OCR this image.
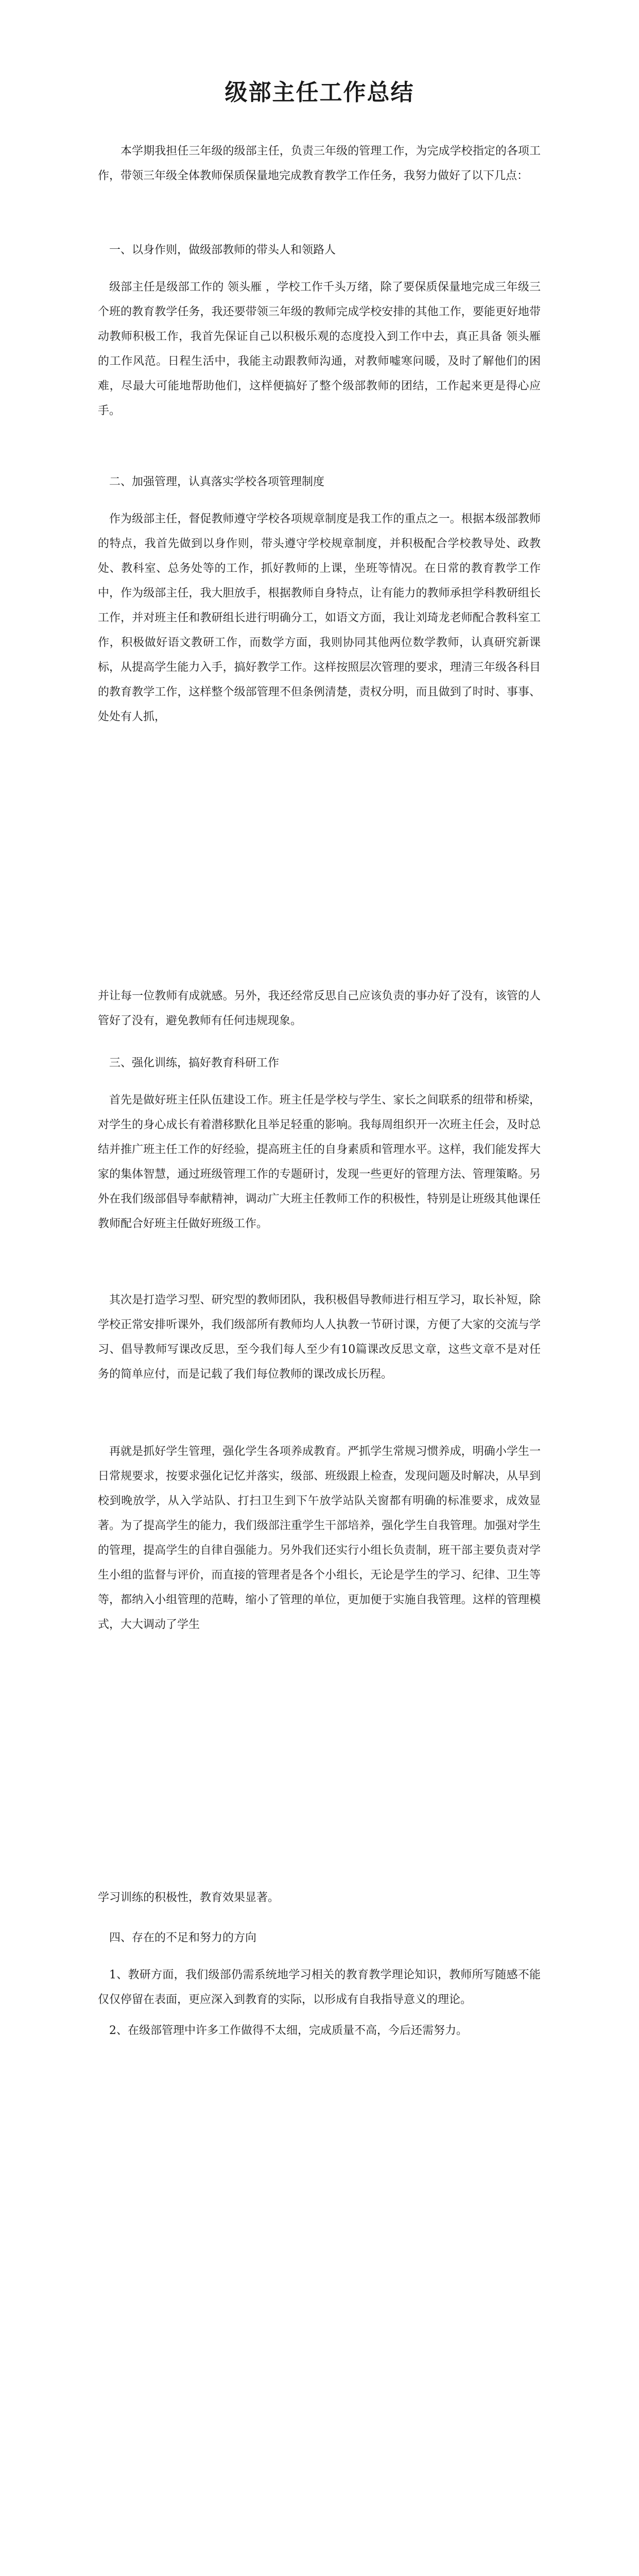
级部主任工作总结

本学期我担任三年级的级部主任，负责三年级的管理工作，为完成学校指定的各项工作，带领三年级全体教师保质保量地完成教育教学工作任务，我努力做好了以下几点：

一、以身作则，做级部教师的带头人和领路人

级部主任是级部工作的 领头雁 ，学校工作千头万绪，除了要保质保量地完成三年级三个班的教育教学任务，我还要带领三年级的教师完成学校安排的其他工作，要能更好地带动教师积极工作，我首先保证自己以积极乐观的态度投入到工作中去，真正具备 领头雁 的工作风范。日程生活中，我能主动跟教师沟通，对教师嘘寒问暖，及时了解他们的困难，尽最大可能地帮助他们，这样便搞好了整个级部教师的团结，工作起来更是得心应手。

二、加强管理，认真落实学校各项管理制度

作为级部主任，督促教师遵守学校各项规章制度是我工作的重点之一。根据本级部教师的特点，我首先做到以身作则，带头遵守学校规章制度，并积极配合学校教导处、政教处、教科室、总务处等的工作，抓好教师的上课，坐班等情况。在日常的教育教学工作中，作为级部主任，我大胆放手，根据教师自身特点，让有能力的教师承担学科教研组长工作，并对班主任和教研组长进行明确分工，如语文方面，我让刘琦龙老师配合教科室工作，积极做好语文教研工作，而数学方面，我则协同其他两位数学教师，认真研究新课标，从提高学生能力入手，搞好教学工作。这样按照层次管理的要求，理清三年级各科目的教育教学工作，这样整个级部管理不但条例清楚，责权分明，而且做到了时时、事事、处处有人抓，

并让每一位教师有成就感。另外，我还经常反思自己应该负责的事办好了没有，该管的人管好了没有，避免教师有任何违规现象。

三、强化训练，搞好教育科研工作

首先是做好班主任队伍建设工作。班主任是学校与学生、家长之间联系的纽带和桥梁，对学生的身心成长有着潜移默化且举足轻重的影响。我每周组织开一次班主任会，及时总结并推广班主任工作的好经验，提高班主任的自身素质和管理水平。这样，我们能发挥大家的集体智慧，通过班级管理工作的专题研讨，发现一些更好的管理方法、管理策略。另外在我们级部倡导奉献精神，调动广大班主任教师工作的积极性，特别是让班级其他课任教师配合好班主任做好班级工作。

其次是打造学习型、研究型的教师团队，我积极倡导教师进行相互学习，取长补短，除学校正常安排听课外，我们级部所有教师均人人执教一节研讨课，方便了大家的交流与学习、倡导教师写课改反思，至今我们每人至少有10篇课改反思文章，这些文章不是对任务的简单应付，而是记载了我们每位教师的课改成长历程。

再就是抓好学生管理，强化学生各项养成教育。严抓学生常规习惯养成，明确小学生一日常规要求，按要求强化记忆并落实，级部、班级跟上检查，发现问题及时解决，从早到校到晚放学，从入学站队、打扫卫生到下午放学站队关窗都有明确的标准要求，成效显著。为了提高学生的能力，我们级部注重学生干部培养，强化学生自我管理。加强对学生的管理，提高学生的自律自强能力。另外我们还实行小组长负责制，班干部主要负责对学生小组的监督与评价，而直接的管理者是各个小组长，无论是学生的学习、纪律、卫生等等，都纳入小组管理的范畴，缩小了管理的单位，更加便于实施自我管理。这样的管理模式，大大调动了学生

学习训练的积极性，教育效果显著。

四、存在的不足和努力的方向

1、教研方面，我们级部仍需系统地学习相关的教育教学理论知识，教师所写随感不能仅仅停留在表面，更应深入到教育的实际，以形成有自我指导意义的理论。

2、在级部管理中许多工作做得不太细，完成质量不高，今后还需努力。
